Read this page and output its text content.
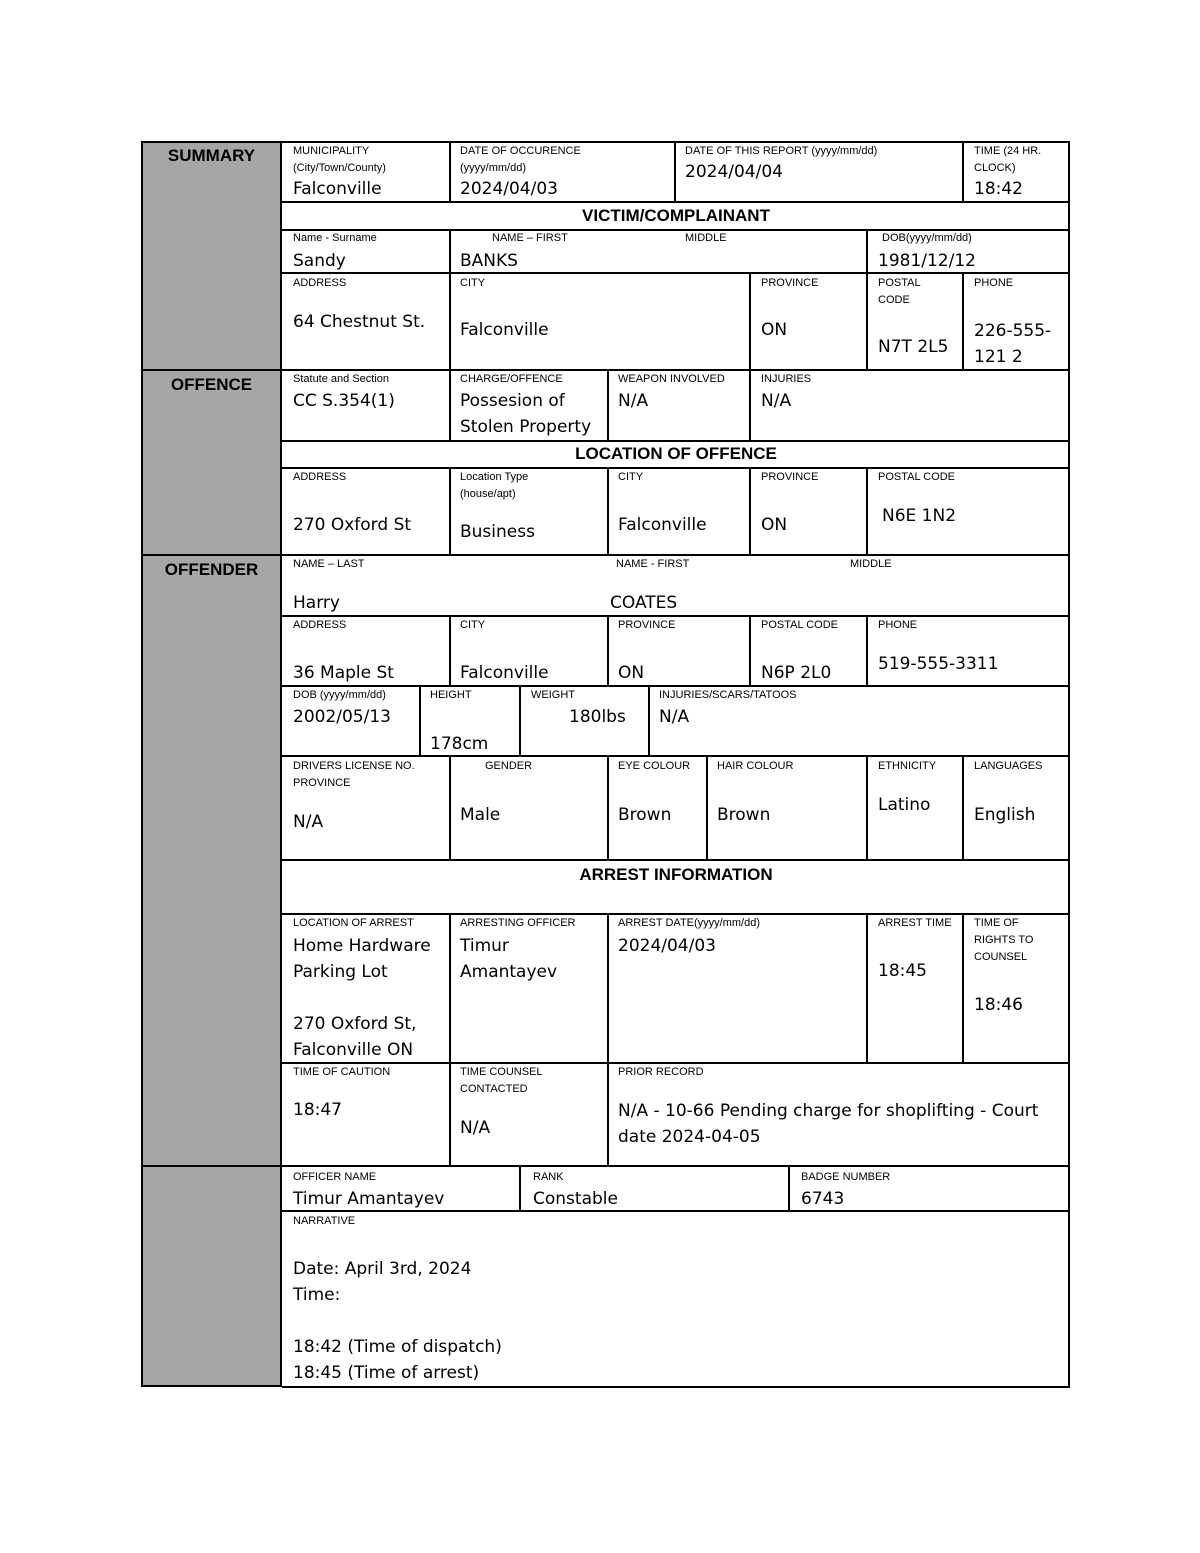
SUMMARY
OFFENCE
OFFENDER
MUNICIPALITY
(City/Town/County)
Falconville
DATE OF OCCURENCE
(yyyy/mm/dd)
2024/04/03
DATE OF THIS REPORT (yyyy/mm/dd)
2024/04/04
TIME (24 HR.
CLOCK)
18:42
VICTIM/COMPLAINANT
Name - Surname
Sandy
NAME – FIRST
BANKS
MIDDLE	DOB(yyyy/mm/dd)
1981/12/12
ADDRESS
64 Chestnut St.
CITY
Falconville
PROVINCE
ON
POSTAL
CODE
N7T 2L5
PHONE
226-555-
121 2
Statute and Section
CC S.354(1)
CHARGE/OFFENCE
Possesion of
Stolen Property
WEAPON INVOLVED
N/A
INJURIES
N/A
LOCATION OF OFFENCE
ADDRESS
270 Oxford St
Location Type
(house/apt)
Business
CITY
Falconville
PROVINCE
ON
POSTAL CODE
N6E 1N2
NAME – LAST
Harry
NAME - FIRST
COATES
MIDDLE
ADDRESS
36 Maple St
CITY
Falconville
PROVINCE
ON
POSTAL CODE
N6P 2L0
PHONE
519-555-3311
DOB (yyyy/mm/dd)
2002/05/13
HEIGHT
178cm
WEIGHT
180lbs
INJURIES/SCARS/TATOOS
N/A
DRIVERS LICENSE NO.
PROVINCE
N/A
GENDER
Male
EYE COLOUR
Brown
HAIR COLOUR
Brown
ETHNICITY
Latino
LANGUAGES
English
ARREST INFORMATION
LOCATION OF ARREST
Home Hardware
Parking Lot

270 Oxford St,
Falconville ON
ARRESTING OFFICER
Timur
Amantayev
ARREST DATE(yyyy/mm/dd)
2024/04/03
ARREST TIME
18:45
TIME OF
RIGHTS TO
COUNSEL
18:46
TIME OF CAUTION
18:47
TIME COUNSEL
CONTACTED
N/A
PRIOR RECORD
N/A - 10-66 Pending charge for shoplifting - Court
date 2024-04-05
OFFICER NAME
Timur Amantayev
RANK
Constable
BADGE NUMBER
6743
NARRATIVE
Date: April 3rd, 2024
Time:

18:42 (Time of dispatch)
18:45 (Time of arrest)
